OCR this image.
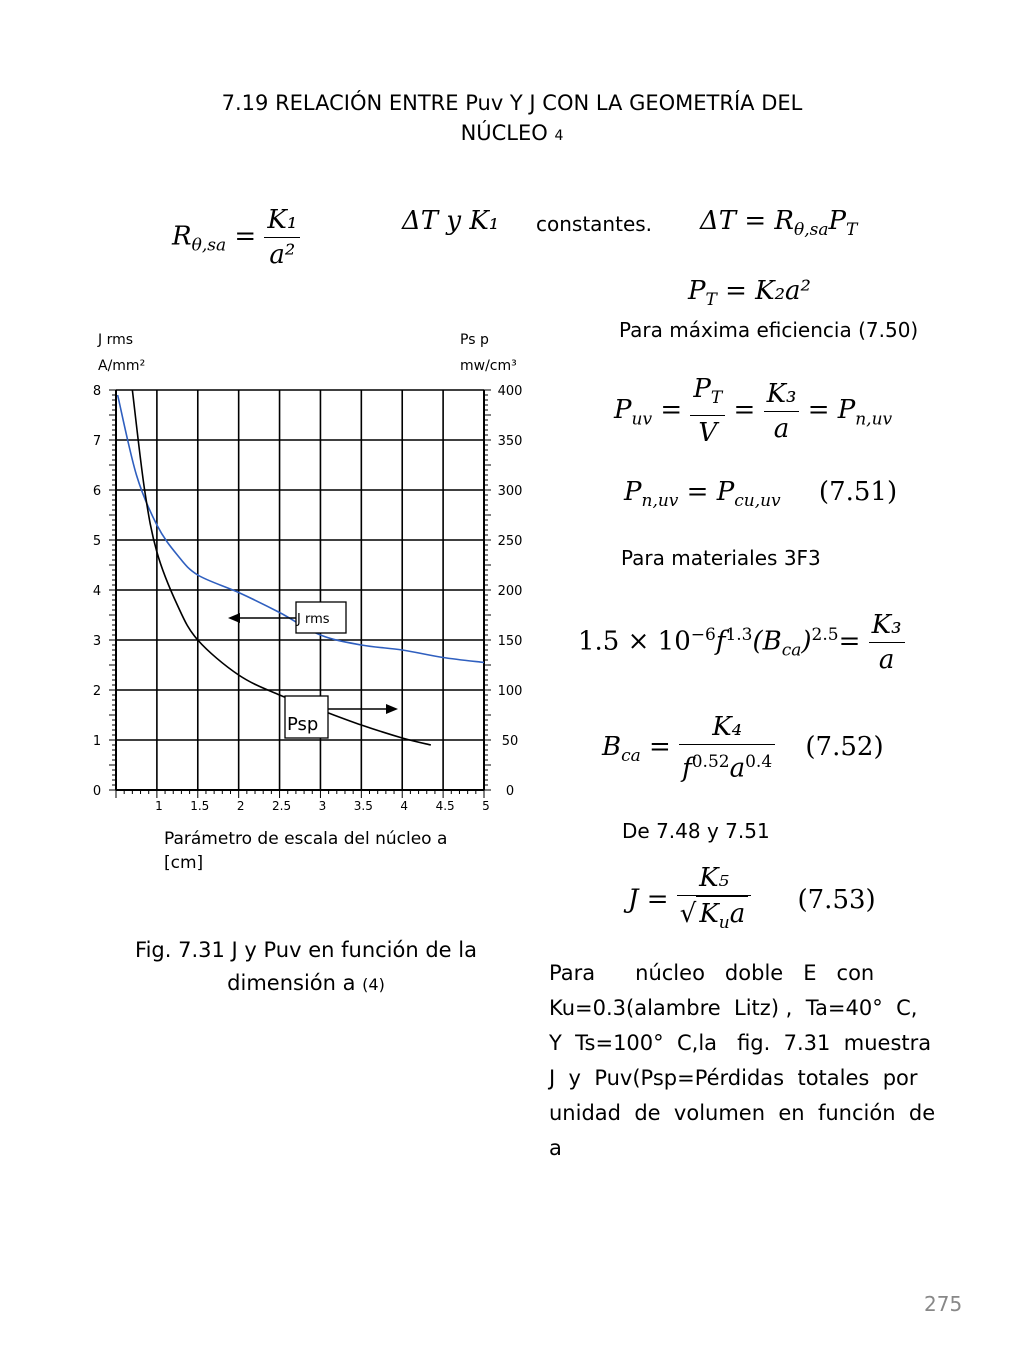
7.19 RELACIÓN ENTRE Puv Y J CON LA GEOMETRÍA DEL
NÚCLEO 4
$R_{\theta,sa} = \frac{\text{K₁}}{\text{a²}}$	ΔT y K₁ constantes. $\Delta T = R_{\theta,sa}P_T$
$P_T = K_2a^2$
Para máxima eficiencia (7.50)
$P_{uv} = \frac{P_T}{V} = \frac{\text{K₃}}{a} = P_{n,uv}$
$P_{n,uv} = P_{cu,uv}$ (7.51)
Para materiales 3F3
$1.5 \times 10^{-6}f^{1.3}(B_{ca})^{2.5}= \frac{\text{K₃}}{a}$
$B_{ca} = \frac{\text{K₄}}{f^{0.52}a^{0.4}} (7.52)$
De 7.48 y 7.51
$J = \frac{\text{K₅}}{√ K_ua} (7.53)$
0
1
2
3
4
5
6
7
8
0
50
100
150
200
250
300
350
400
1 1.5 2 2.5 3 3.5 4 4.5 5
J rms
A/mm²
Ps p
mw/cm³
J rms
Psp
Parámetro de escala del núcleo a
[cm]
Fig. 7.31 J y Puv en función de la
dimensión a (4)	Para      núcleo   doble   E   con
Ku=0.3(alambre  Litz) ,  Ta=40°  C,
Y  Ts=100°  C,la   fig.  7.31  muestra
J  y  Puv(Psp=Pérdidas  totales  por
unidad  de  volumen  en  función  de
a
275
